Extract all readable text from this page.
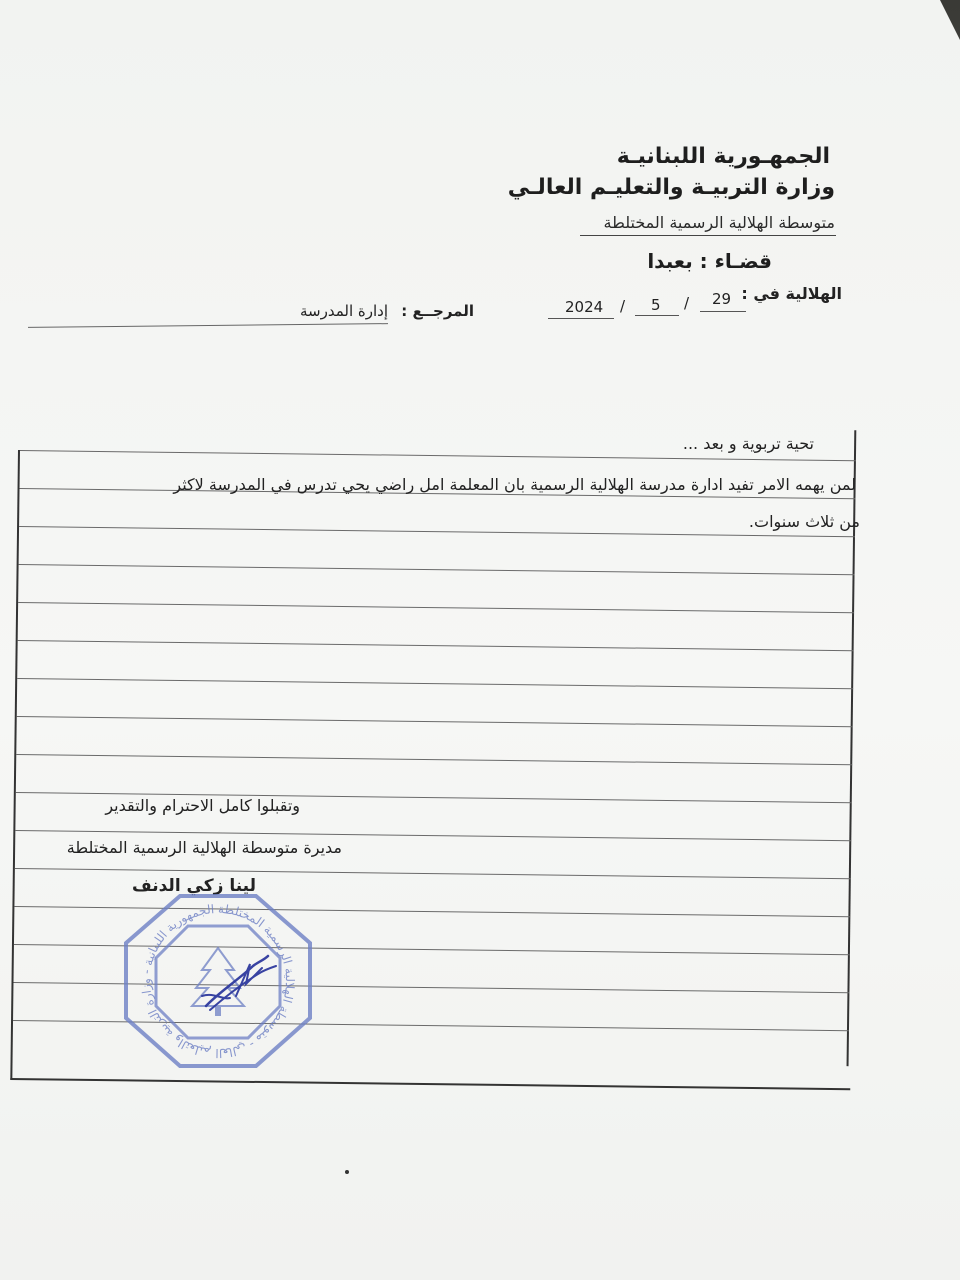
الجمهـورية اللبنانيـة
وزارة التربيـة والتعليـم العالـي
متوسطة الهلالية الرسمية المختلطة
قضـاء : بعبدا
الهلالية في :
29
/
5
/
2024
المرجــع :
إدارة المدرسة
تحية تربوية و بعد ...
لمن يهمه الامر تفيد ادارة مدرسة الهلالية الرسمية بان المعلمة امل راضي يحي تدرس في المدرسة لاكثر
من ثلاث سنوات.
وتقبلوا كامل الاحترام والتقدير
مديرة متوسطة الهلالية الرسمية المختلطة
لينا زكي الدنف
الجمهورية اللبنانية - وزارة التربية والتعليم العالي - متوسطة الهلالية الرسمية المختلطة
